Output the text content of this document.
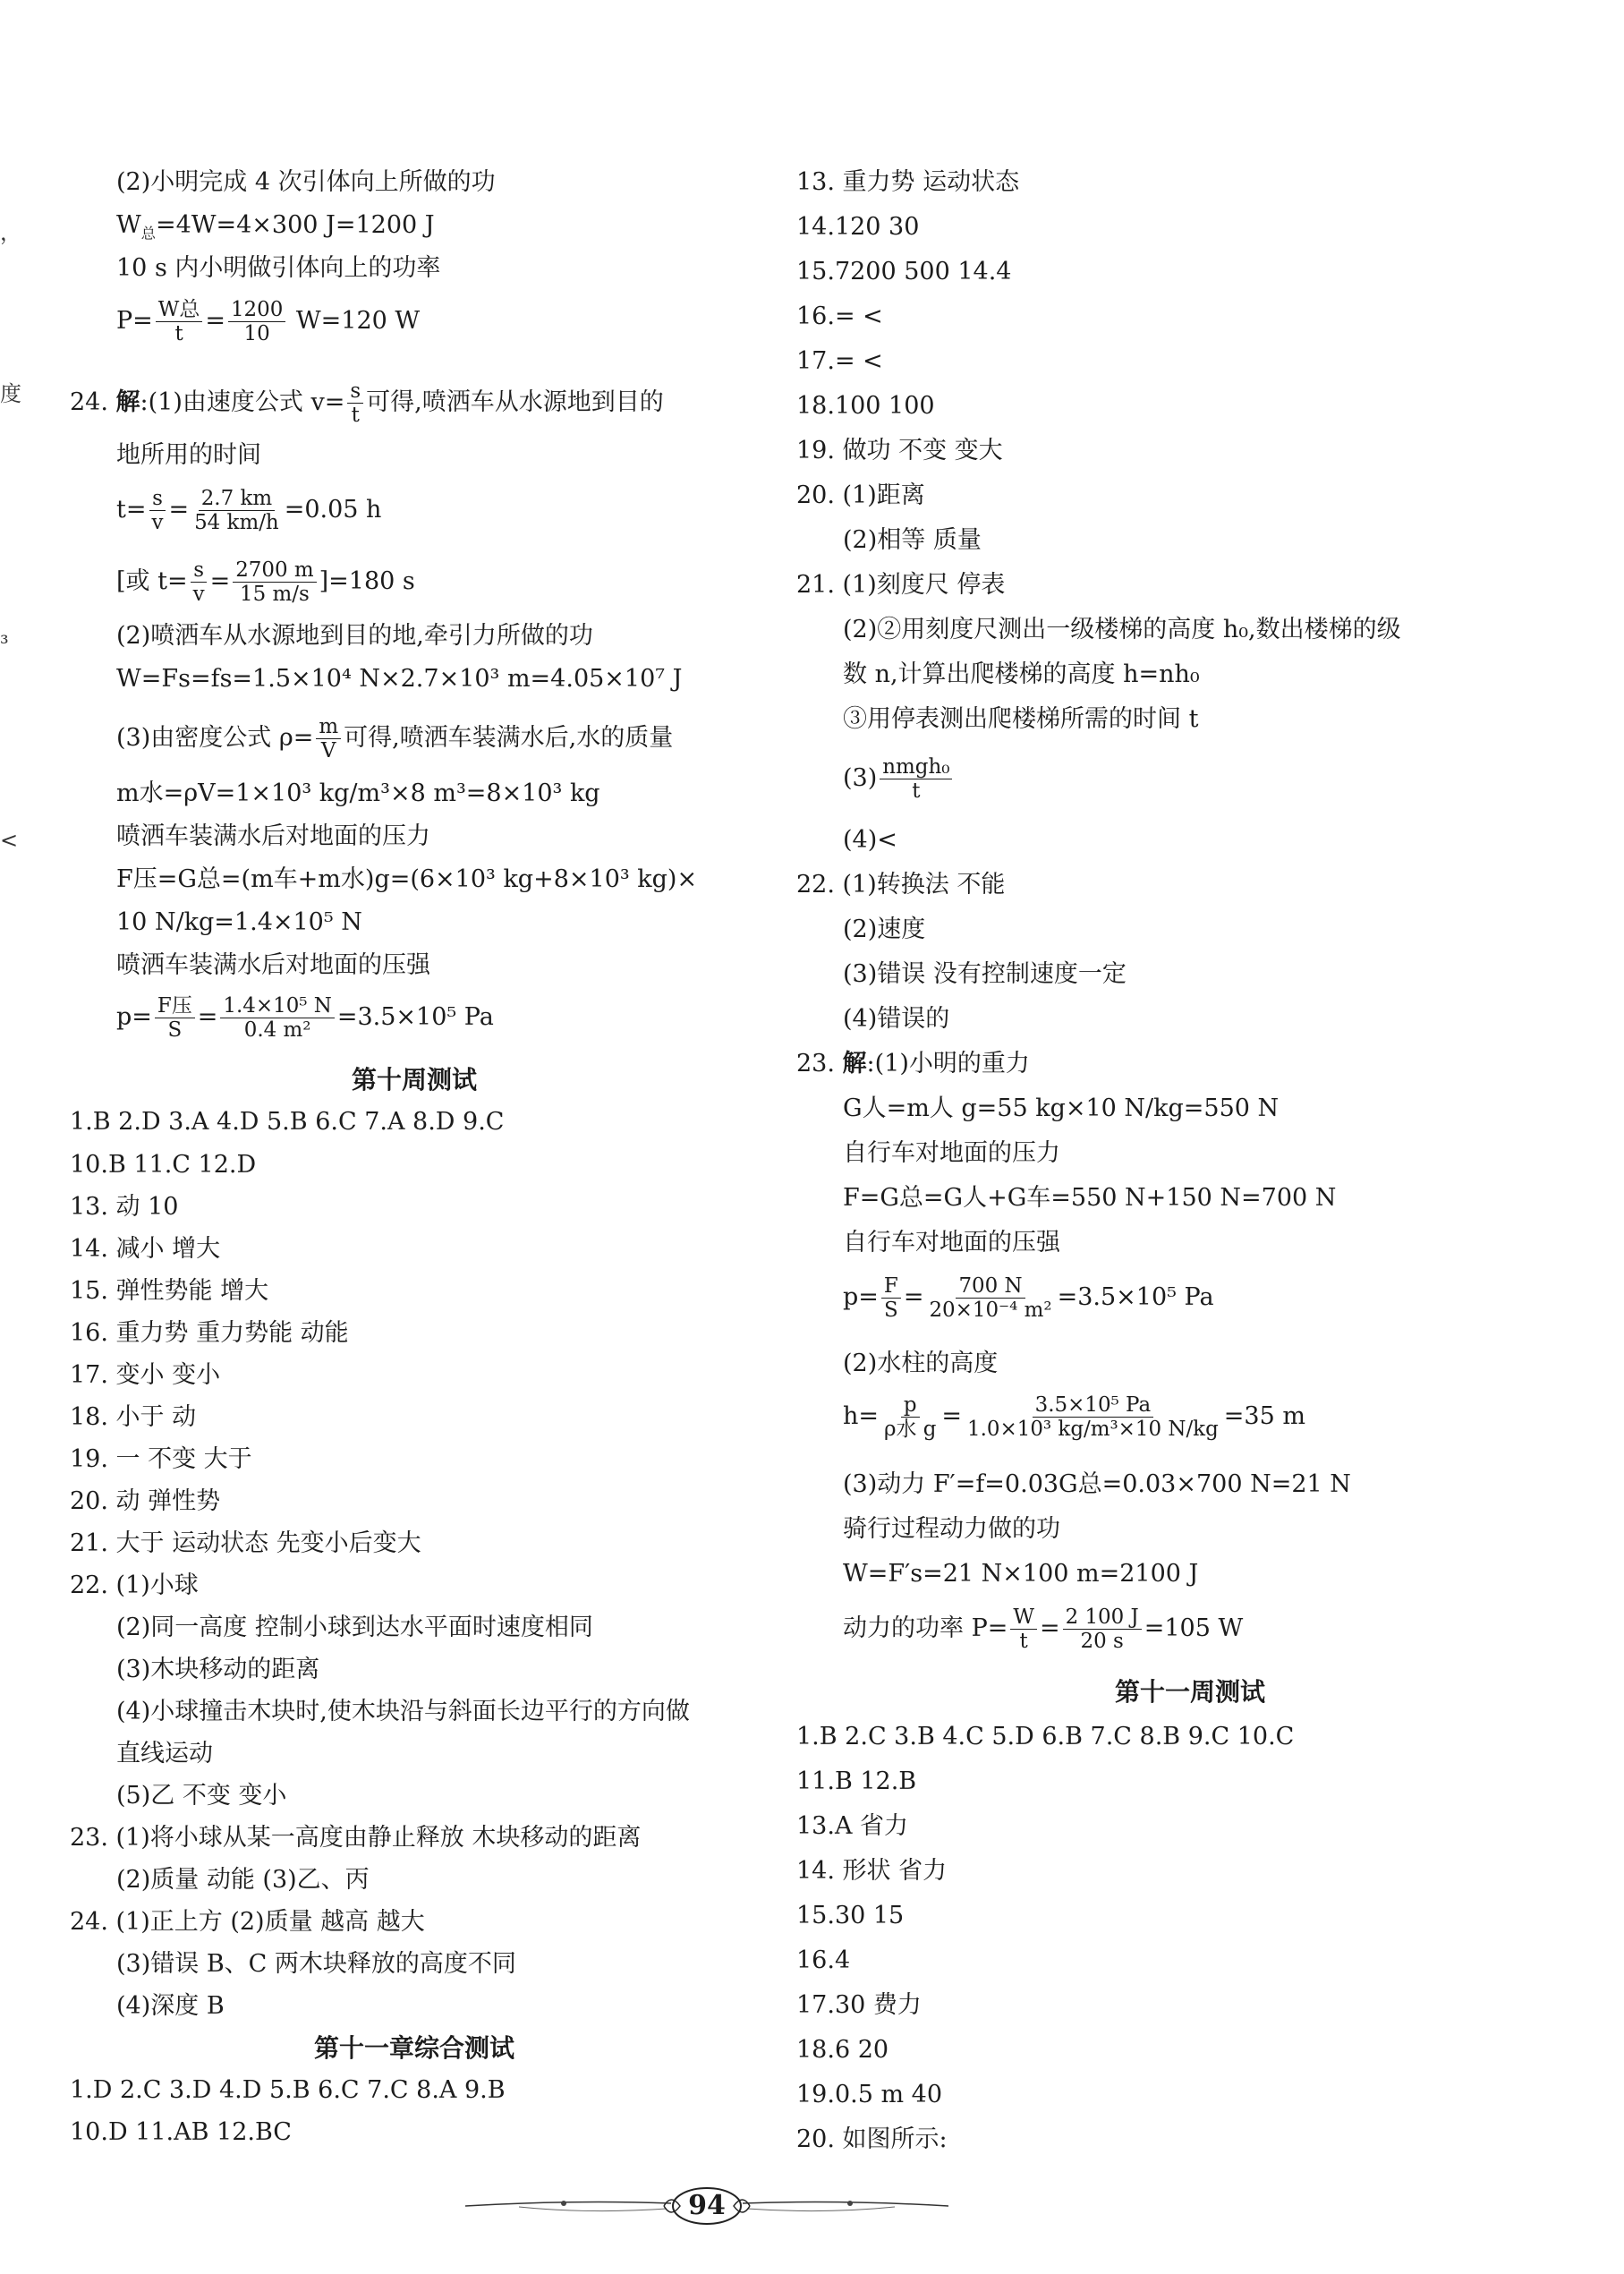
，
度
³
<
(2)小明完成 4 次引体向上所做的功
$W_总=4W=4\times 300$ J=1200 J
10 s 内小明做引体向上的功率
$P= \frac{\text{W总}}{t} = \frac{1200}{10} W=120$ W
24. 解:(1)由速度公式 $v= \frac{s}{t}$ 可得,喷洒车从水源地到目的
地所用的时间
$t= \frac{s}{v} = \frac{2.7 km}{54 km/h} =0.05$ h
[或 $t= \frac{s}{v} = \frac{2700 m}{15 m/s} ]=180$ s
(2)喷洒车从水源地到目的地,牵引力所做的功
W=Fs=fs=1.5×10⁴ N×2.7×10³ m=4.05×10⁷ J
(3)由密度公式 $\rho= \frac{m}{V}$ 可得,喷洒车装满水后,水的质量
m水=ρV=1×10³ kg/m³×8 m³=8×10³ kg
喷洒车装满水后对地面的压力
F压=G总=(m车+m水)g=(6×10³ kg+8×10³ kg)×
10 N/kg=1.4×10⁵ N
喷洒车装满水后对地面的压强
$p= \frac{\text{F压}}{S} = \frac{\text{1.4×10⁵ N}}{\text{0.4 m²}} =3.5\times 10^5$ Pa
第十周测试
1.B 2.D 3.A 4.D 5.B 6.C 7.A 8.D 9.C
10.B 11.C 12.D
13. 动 10
14. 减小 增大
15. 弹性势能 增大
16. 重力势 重力势能 动能
17. 变小 变小
18. 小于 动
19. 一 不变 大于
20. 动 弹性势
21. 大于 运动状态 先变小后变大
22. (1)小球
(2)同一高度 控制小球到达水平面时速度相同
(3)木块移动的距离
(4)小球撞击木块时,使木块沿与斜面长边平行的方向做
直线运动
(5)乙 不变 变小
23. (1)将小球从某一高度由静止释放 木块移动的距离
(2)质量 动能 (3)乙、丙
24. (1)正上方 (2)质量 越高 越大
(3)错误 B、C 两木块释放的高度不同
(4)深度 B
第十一章综合测试
1.D 2.C 3.D 4.D 5.B 6.C 7.C 8.A 9.B
10.D 11.AB 12.BC
13. 重力势 运动状态
14.120 30
15.7200 500 14.4
16.= <
17.= <
18.100 100
19. 做功 不变 变大
20. (1)距离
(2)相等 质量
21. (1)刻度尺 停表
(2)②用刻度尺测出一级楼梯的高度 h₀,数出楼梯的级
数 n,计算出爬楼梯的高度 h=nh₀
③用停表测出爬楼梯所需的时间 t
$(3) \frac{\text{nmgh₀}}{t}$
(4)<
22. (1)转换法 不能
(2)速度
(3)错误 没有控制速度一定
(4)错误的
23. 解:(1)小明的重力
G人=m人 g=55 kg×10 N/kg=550 N
自行车对地面的压力
F=G总=G人+G车=550 N+150 N=700 N
自行车对地面的压强
$p= \frac{F}{S} = \frac{700 N}{\text{20×10⁻⁴ m²}} =3.5\times 10^5$ Pa
(2)水柱的高度
$h= \frac{p}{\text{ρ水 g}} = \frac{\text{3.5×10⁵ Pa}}{\text{1.0×10³ kg/m³×10 N/kg}} =35$ m
(3)动力 F′=f=0.03G总=0.03×700 N=21 N
骑行过程动力做的功
W=F′s=21 N×100 m=2100 J
动力的功率 $P= \frac{W}{t} = \frac{2 100 J}{20 s} =105$ W
第十一周测试
1.B 2.C 3.B 4.C 5.D 6.B 7.C 8.B 9.C 10.C
11.B 12.B
13.A 省力
14. 形状 省力
15.30 15
16.4
17.30 费力
18.6 20
19.0.5 m 40
20. 如图所示:
94
